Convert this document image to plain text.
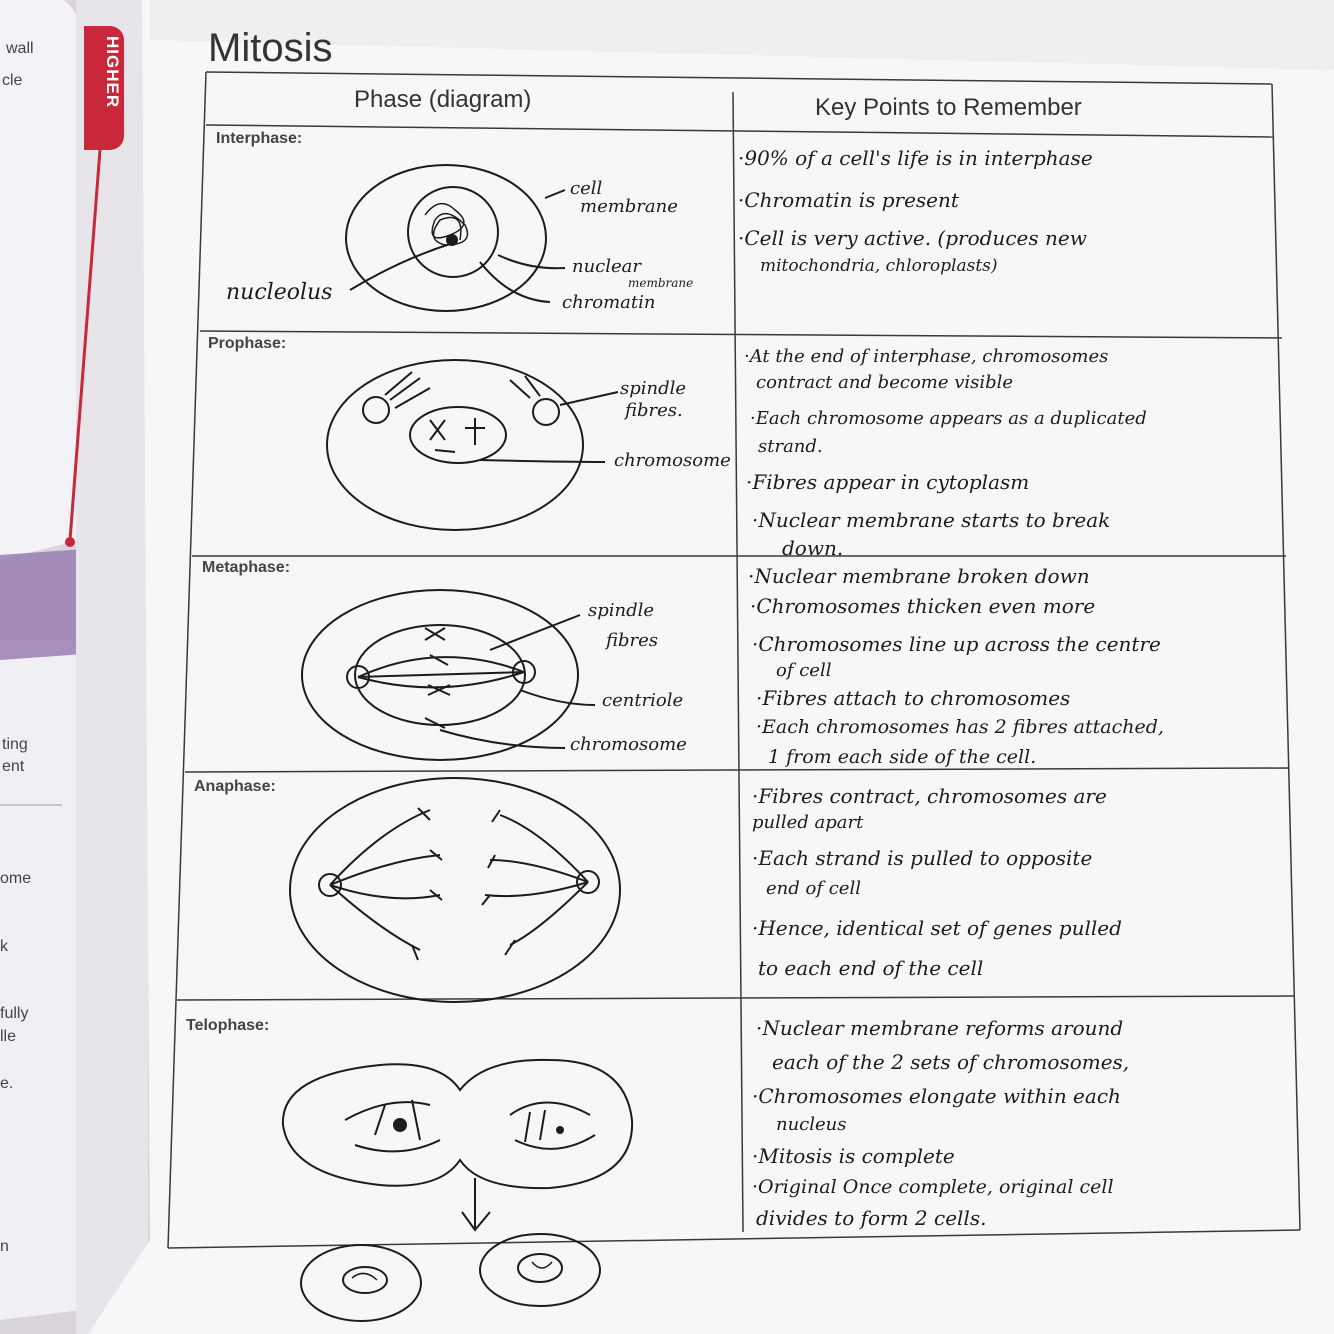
HIGHER
wall
cle
ting
ent
ome
k
fully
lle
e.
n
Mitosis
Phase (diagram)	Key Points to Remember
Interphase:
Prophase:
Metaphase:
Anaphase:
Telophase:
cell
membrane
nucleolus
nuclear
membrane
chromatin
spindle
fibres.
chromosome
spindle
fibres
centriole
chromosome
·90% of a cell's life is in interphase
·Chromatin is present
·Cell is very active. (produces new
mitochondria, chloroplasts)
·At the end of interphase, chromosomes
contract and become visible
·Each chromosome appears as a duplicated
strand.
·Fibres appear in cytoplasm
·Nuclear membrane starts to break
down.
·Nuclear membrane broken down
·Chromosomes thicken even more
·Chromosomes line up across the centre
of cell
·Fibres attach to chromosomes
·Each chromosomes has 2 fibres attached,
1 from each side of the cell.
·Fibres contract, chromosomes are
pulled apart
·Each strand is pulled to opposite
end of cell
·Hence, identical set of genes pulled
to each end of the cell
·Nuclear membrane reforms around
each of the 2 sets of chromosomes,
·Chromosomes elongate within each
nucleus
·Mitosis is complete
·Original Once complete, original cell
divides to form 2 cells.
